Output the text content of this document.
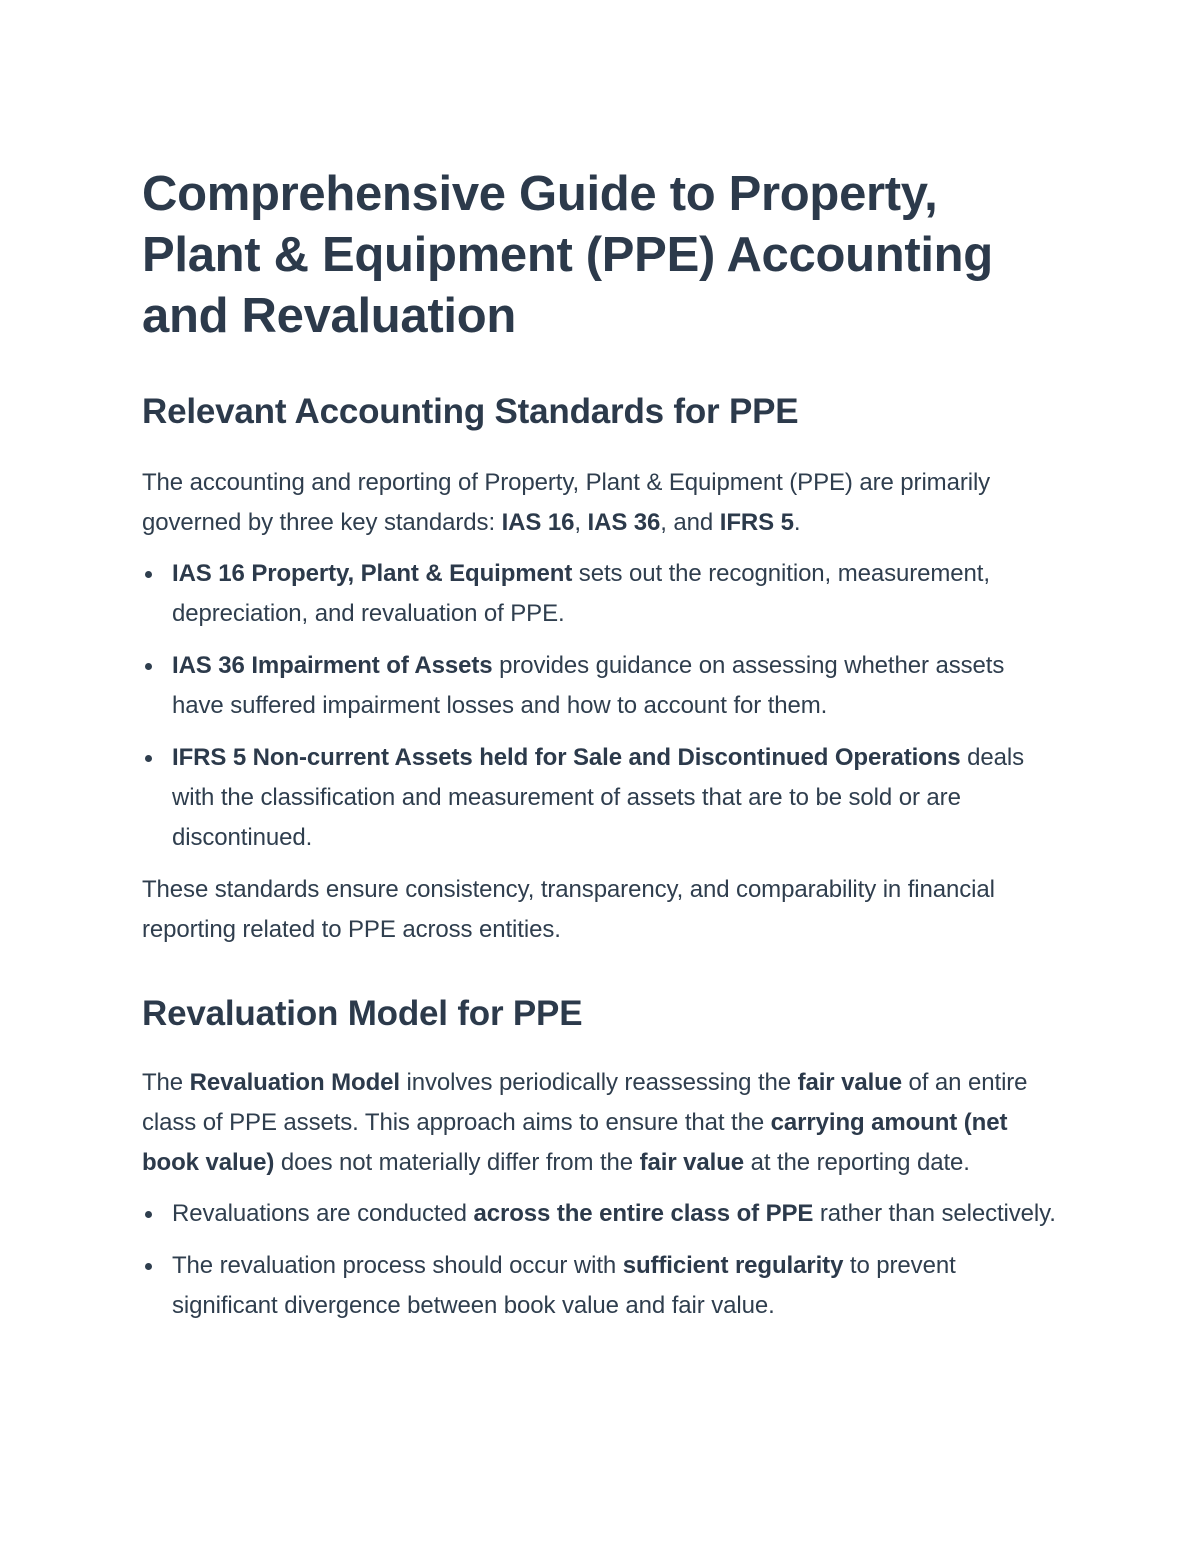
Comprehensive Guide to Property, Plant & Equipment (PPE) Accounting and Revaluation
Relevant Accounting Standards for PPE

The accounting and reporting of Property, Plant & Equipment (PPE) are primarily governed by three key standards: IAS 16, IAS 36, and IFRS 5.

IAS 16 Property, Plant & Equipment sets out the recognition, measurement, depreciation, and revaluation of PPE.
IAS 36 Impairment of Assets provides guidance on assessing whether assets have suffered impairment losses and how to account for them.
IFRS 5 Non-current Assets held for Sale and Discontinued Operations deals with the classification and measurement of assets that are to be sold or are discontinued.

These standards ensure consistency, transparency, and comparability in financial reporting related to PPE across entities.

Revaluation Model for PPE

The Revaluation Model involves periodically reassessing the fair value of an entire class of PPE assets. This approach aims to ensure that the carrying amount (net book value) does not materially differ from the fair value at the reporting date.

Revaluations are conducted across the entire class of PPE rather than selectively.
The revaluation process should occur with sufficient regularity to prevent significant divergence between book value and fair value.
